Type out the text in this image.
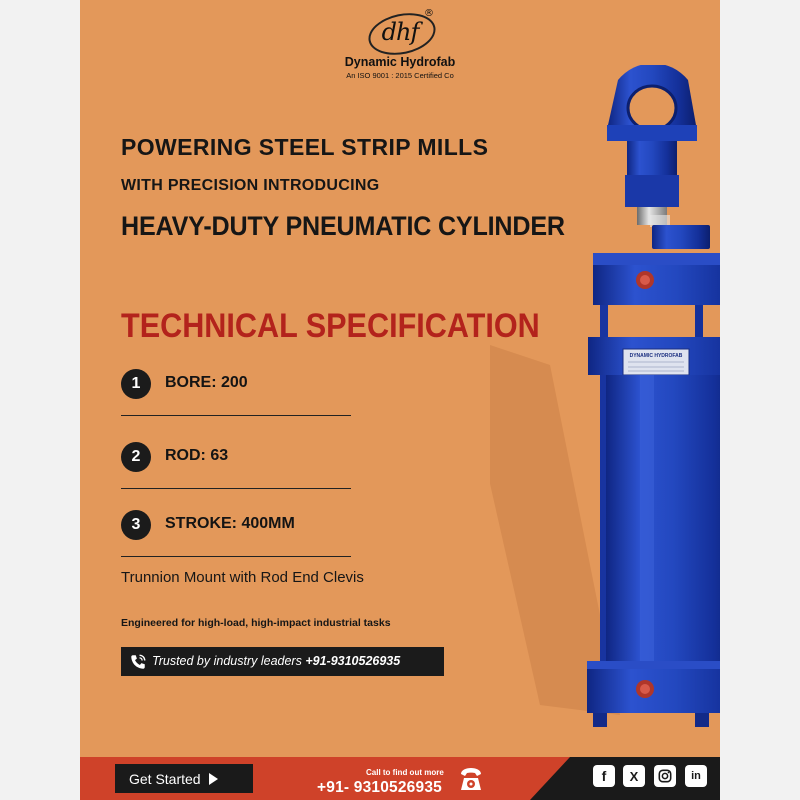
dhf
®
Dynamic Hydrofab
An ISO 9001 : 2015 Certified Co
DYNAMIC HYDROFAB
POWERING STEEL STRIP MILLS
WITH PRECISION INTRODUCING
HEAVY-DUTY PNEUMATIC CYLINDER
TECHNICAL SPECIFICATION
1	BORE: 200
2	ROD: 63
3	STROKE: 400MM
Trunnion Mount with Rod End Clevis
Engineered for high-load, high-impact industrial tasks
Trusted by industry leaders +91-9310526935
Get Started	Call to find out more
+91- 9310526935
f X	in
